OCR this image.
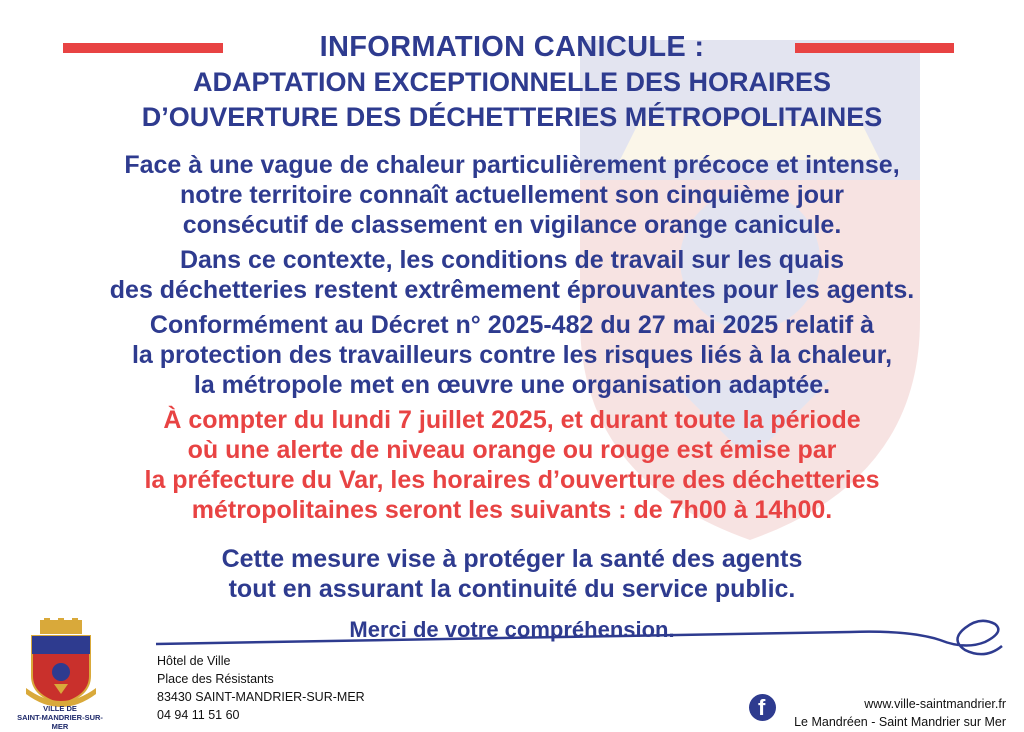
INFORMATION CANICULE :
ADAPTATION EXCEPTIONNELLE DES HORAIRES
D’OUVERTURE DES DÉCHETTERIES MÉTROPOLITAINES
Face à une vague de chaleur particulièrement précoce et intense,
notre territoire connaît actuellement son cinquième jour
consécutif de classement en vigilance orange canicule.
Dans ce contexte, les conditions de travail sur les quais
des déchetteries restent extrêmement éprouvantes pour les agents.
Conformément au Décret n° 2025-482 du 27 mai 2025 relatif à
la protection des travailleurs contre les risques liés à la chaleur,
la métropole met en œuvre une organisation adaptée.
À compter du lundi 7 juillet 2025, et durant toute la période
où une alerte de niveau orange ou rouge est émise par
la préfecture du Var, les horaires d’ouverture des déchetteries
métropolitaines seront les suivants : de 7h00 à 14h00.
Cette mesure vise à protéger la santé des agents
tout en assurant la continuité du service public.
Merci de votre compréhension.
VILLE DE
SAINT-MANDRIER-SUR-MER
Hôtel de Ville
Place des Résistants
83430 SAINT-MANDRIER-SUR-MER
04 94 11 51 60	f	www.ville-saintmandrier.fr
Le Mandréen - Saint Mandrier sur Mer
